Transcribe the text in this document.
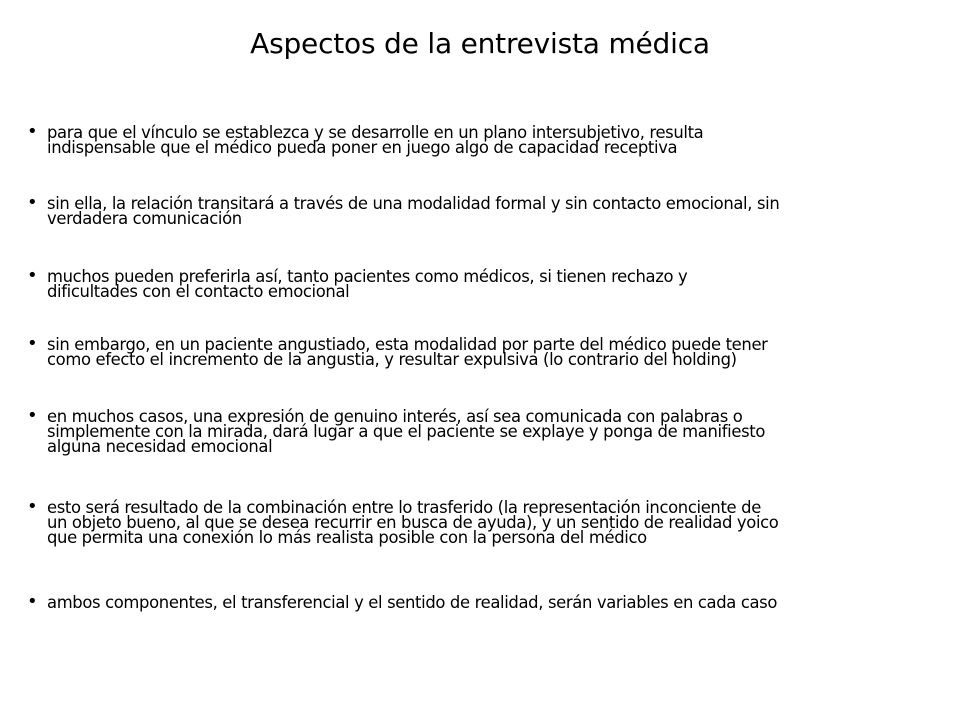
Aspectos de la entrevista médica
• para que el vínculo se establezca y se desarrolle en un plano intersubjetivo, resulta
indispensable que el médico pueda poner en juego algo de capacidad receptiva
• sin ella, la relación transitará a través de una modalidad formal y sin contacto emocional, sin
verdadera comunicación
• muchos pueden preferirla así, tanto pacientes como médicos, si tienen rechazo y
dificultades con el contacto emocional
• sin embargo, en un paciente angustiado, esta modalidad por parte del médico puede tener
como efecto el incremento de la angustia, y resultar expulsiva (lo contrario del holding)
• en muchos casos, una expresión de genuino interés, así sea comunicada con palabras o
simplemente con la mirada, dará lugar a que el paciente se explaye y ponga de manifiesto
alguna necesidad emocional
• esto será resultado de la combinación entre lo trasferido (la representación inconciente de
un objeto bueno, al que se desea recurrir en busca de ayuda), y un sentido de realidad yoico
que permita una conexión lo más realista posible con la persona del médico
• ambos componentes, el transferencial y el sentido de realidad, serán variables en cada caso
